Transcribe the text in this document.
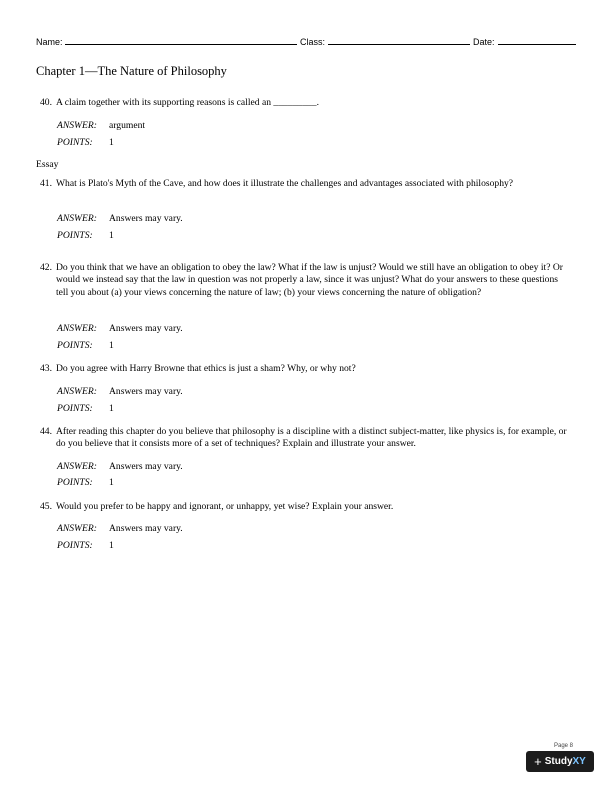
Name:	Class:	Date:
Chapter 1—The Nature of Philosophy
40. A claim together with its supporting reasons is called an _________.
ANSWER: argument
POINTS: 1
Essay
41. What is Plato's Myth of the Cave, and how does it illustrate the challenges and advantages associated with philosophy?
ANSWER: Answers may vary.
POINTS: 1
42. Do you think that we have an obligation to obey the law? What if the law is unjust? Would we still have an obligation to obey it? Or would we instead say that the law in question was not properly a law, since it was unjust? What do your answers to these questions tell you about (a) your views concerning the nature of law; (b) your views concerning the nature of obligation?
ANSWER: Answers may vary.
POINTS: 1
43. Do you agree with Harry Browne that ethics is just a sham? Why, or why not?
ANSWER: Answers may vary.
POINTS: 1
44. After reading this chapter do you believe that philosophy is a discipline with a distinct subject-matter, like physics is, for example, or do you believe that it consists more of a set of techniques? Explain and illustrate your answer.
ANSWER: Answers may vary.
POINTS: 1
45. Would you prefer to be happy and ignorant, or unhappy, yet wise? Explain your answer.
ANSWER: Answers may vary.
POINTS: 1
Page 8
+ StudyXY
